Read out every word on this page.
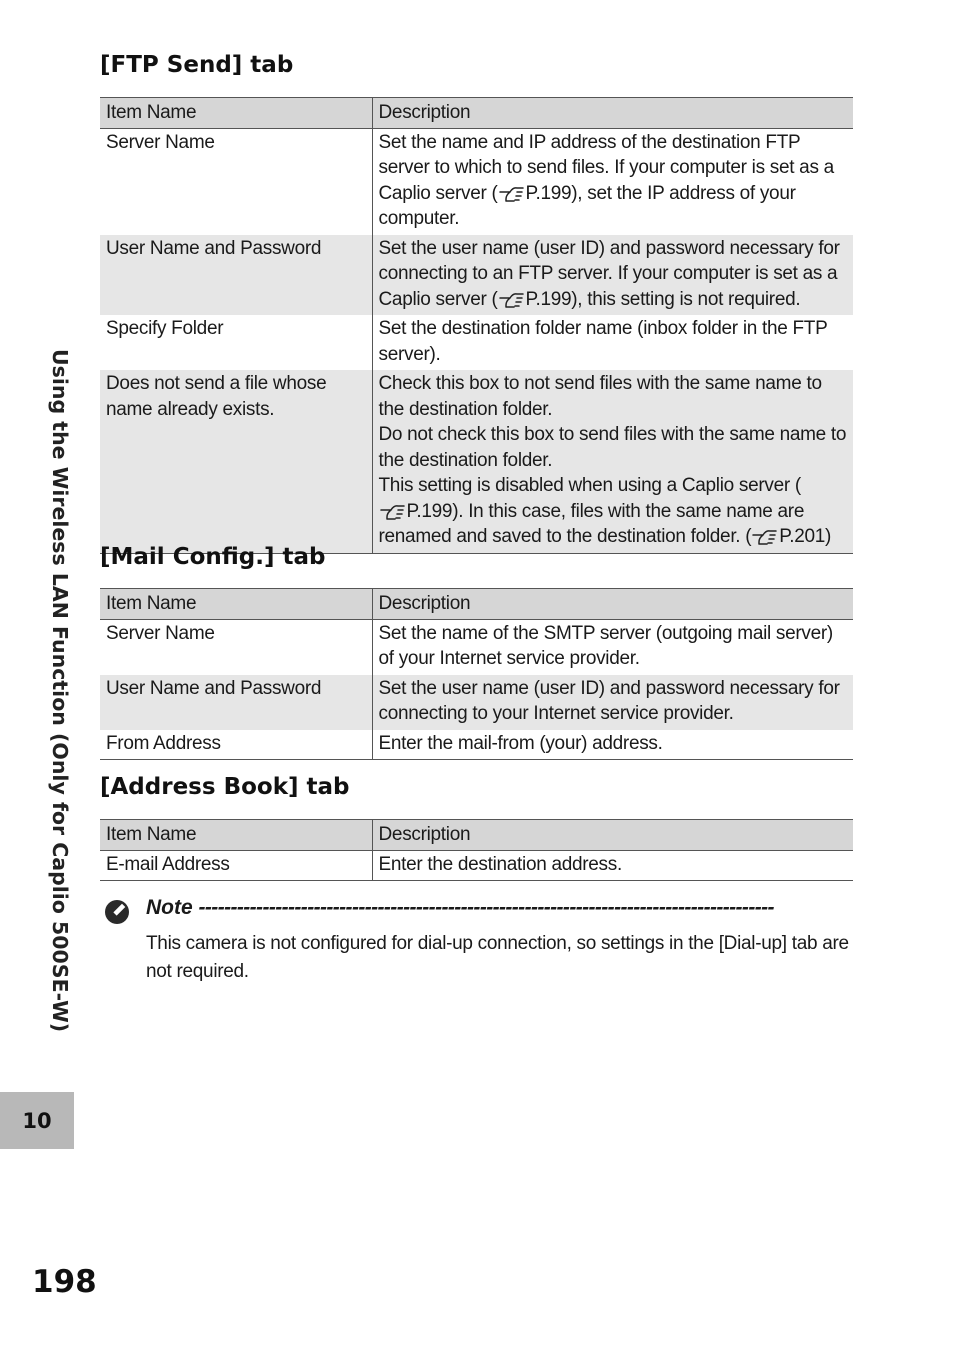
[FTP Send] tab
Item Name	Description
Server Name	Set the name and IP address of the destination FTP server to which to send files. If your computer is set as a Caplio server ( P.199), set the IP address of your computer.
User Name and Password	Set the user name (user ID) and password necessary for connecting to an FTP server. If your computer is set as a Caplio server ( P.199), this setting is not required.
Specify Folder	Set the destination folder name (inbox folder in the FTP server).
Does not send a file whose name already exists.	Check this box to not send files with the same name to the destination folder.
Do not check this box to send files with the same name to the destination folder.
This setting is disabled when using a Caplio server (P.199). In this case, files with the same name are renamed and saved to the destination folder. ( P.201)
[Mail Config.] tab
Item Name	Description
Server Name	Set the name of the SMTP server (outgoing mail server) of your Internet service provider.
User Name and Password	Set the user name (user ID) and password necessary for connecting to your Internet service provider.
From Address	Enter the mail-from (your) address.
[Address Book] tab
Item Name	Description
E-mail Address	Enter the destination address.
Note ------------------------------------------------------------------------------------------

This camera is not configured for dial-up connection, so settings in the [Dial-up] tab are not required.

Using the Wireless LAN Function (Only for Caplio 500SE-W)
10
198
